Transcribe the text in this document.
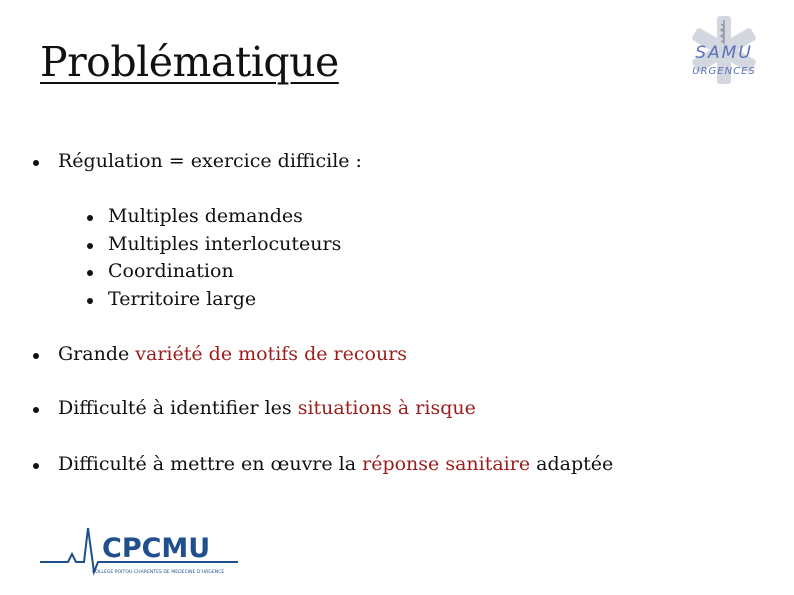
Problématique	SAMU
URGENCES
Régulation = exercice difficile :
Multiples demandes
Multiples interlocuteurs
Coordination
Territoire large
Grande variété de motifs de recours
Difficulté à identifier les situations à risque
Difficulté à mettre en œuvre la réponse sanitaire adaptée
CPCMU
COLLEGE POITOU-CHARENTES DE MEDECINE D'URGENCE
